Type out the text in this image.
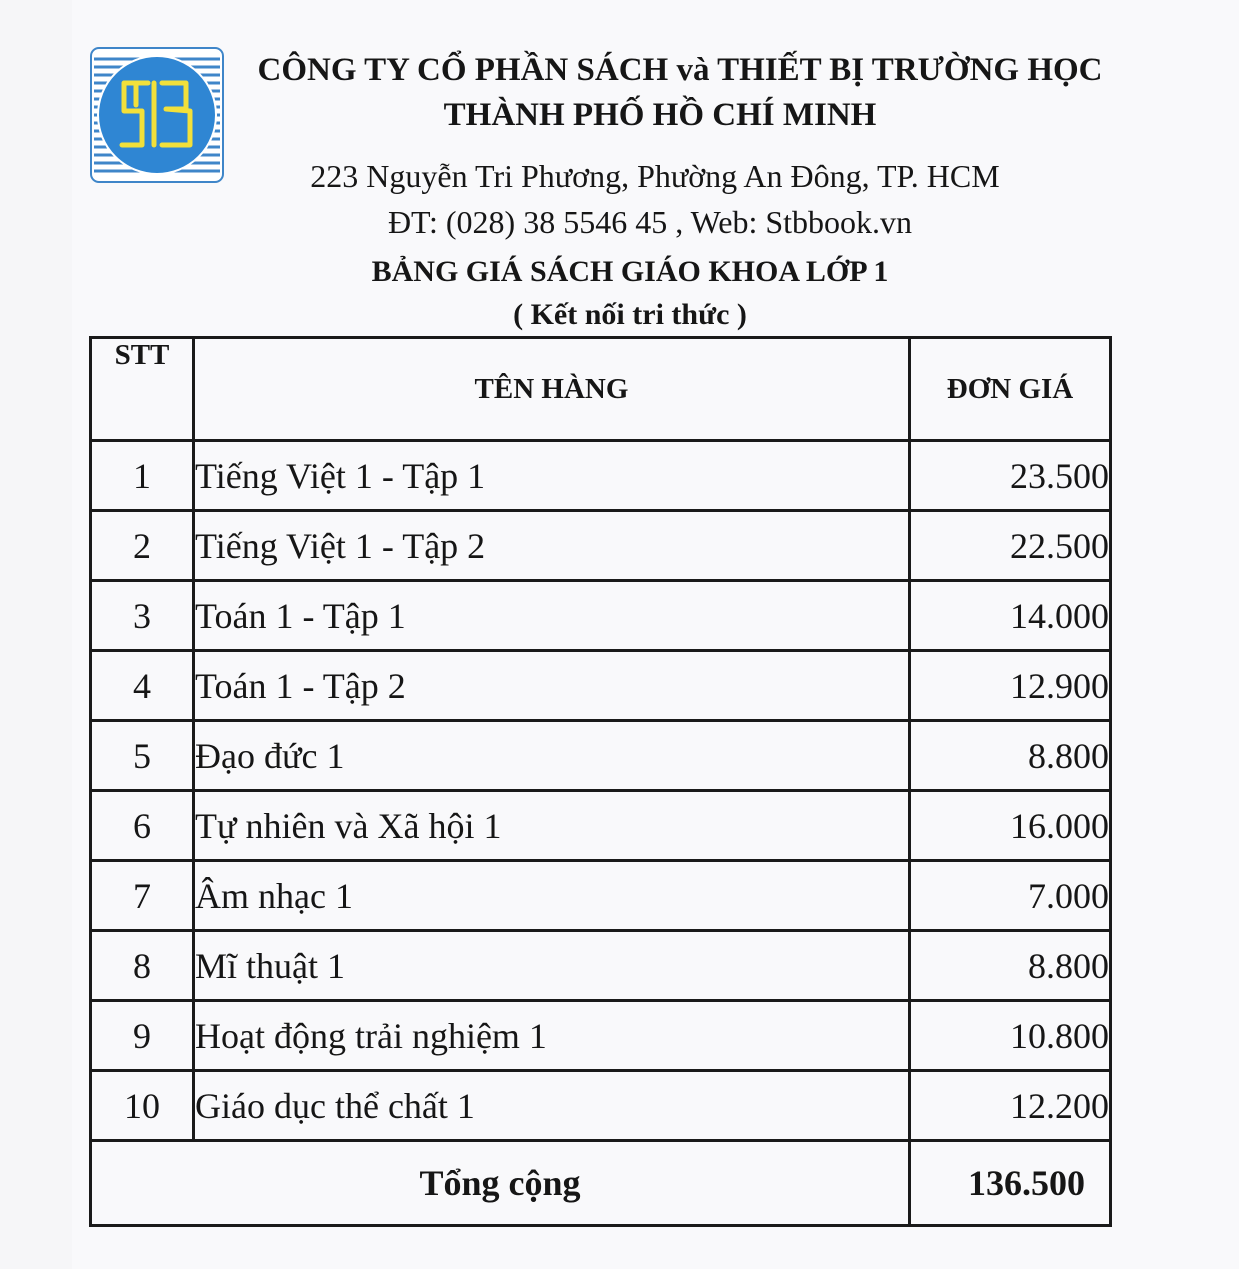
CÔNG TY CỔ PHẦN SÁCH và THIẾT BỊ TRƯỜNG HỌC
THÀNH PHỐ HỒ CHÍ MINH
223 Nguyễn Tri Phương, Phường An Đông, TP. HCM
ĐT: (028) 38 5546 45 , Web: Stbbook.vn
BẢNG GIÁ SÁCH GIÁO KHOA LỚP 1
( Kết nối tri thức )
STT	TÊN HÀNG	ĐƠN GIÁ
1	Tiếng Việt 1 - Tập 1	23.500
2	Tiếng Việt 1 - Tập 2	22.500
3	Toán 1 - Tập 1	14.000
4	Toán 1 - Tập 2	12.900
5	Đạo đức 1	8.800
6	Tự nhiên và Xã hội 1	16.000
7	Âm nhạc 1	7.000
8	Mĩ thuật 1	8.800
9	Hoạt động trải nghiệm 1	10.800
10	Giáo dục thể chất 1	12.200
Tổng cộng		136.500
